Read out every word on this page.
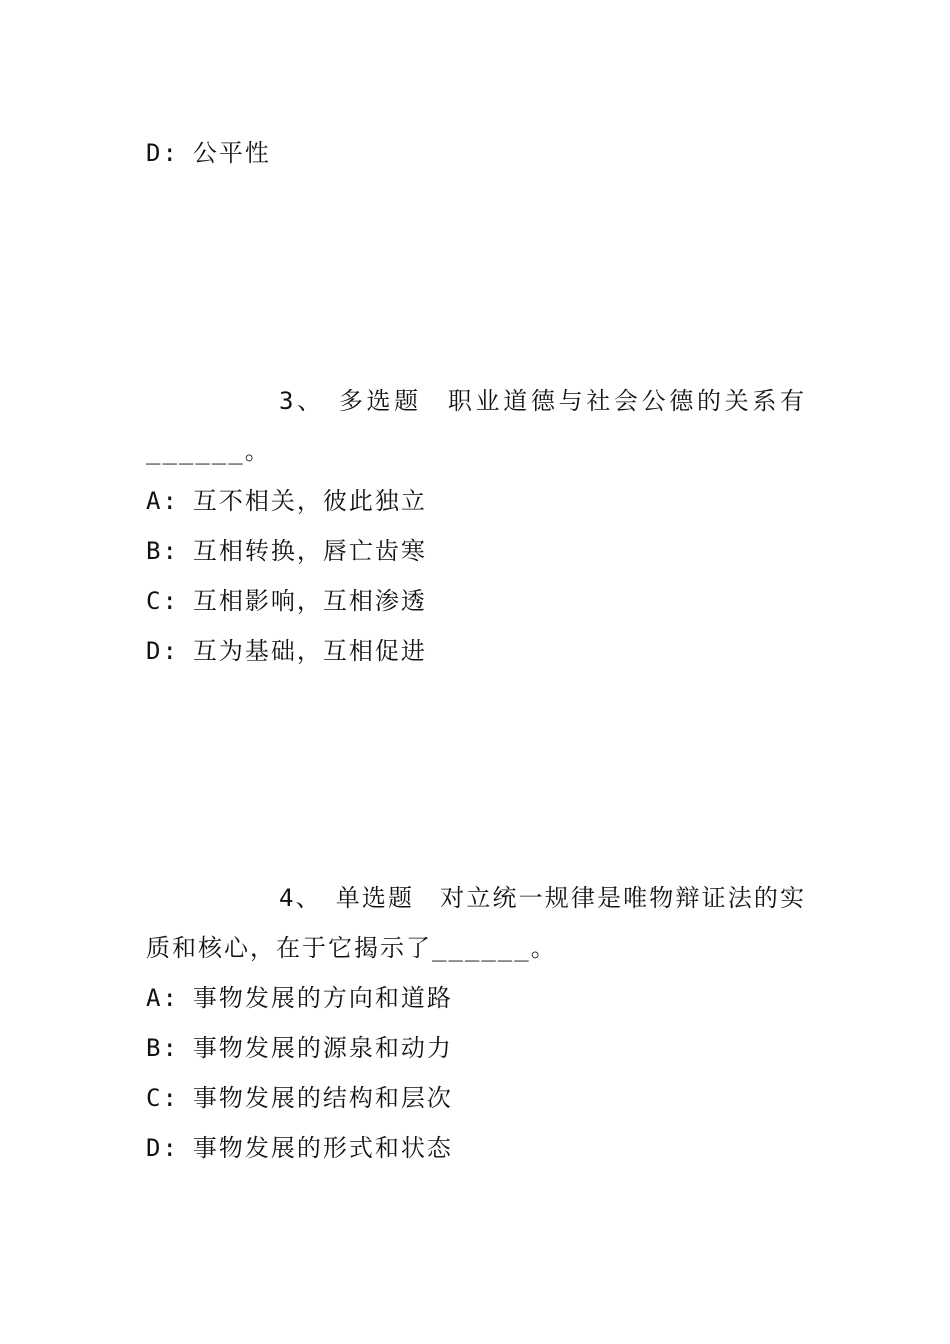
D: 公平性
3、 多选题 职业道德与社会公德的关系有______。
A: 互不相关，彼此独立
B: 互相转换，唇亡齿寒
C: 互相影响，互相渗透
D: 互为基础，互相促进
4、 单选题 对立统一规律是唯物辩证法的实质和核心，在于它揭示了______。
A: 事物发展的方向和道路
B: 事物发展的源泉和动力
C: 事物发展的结构和层次
D: 事物发展的形式和状态
